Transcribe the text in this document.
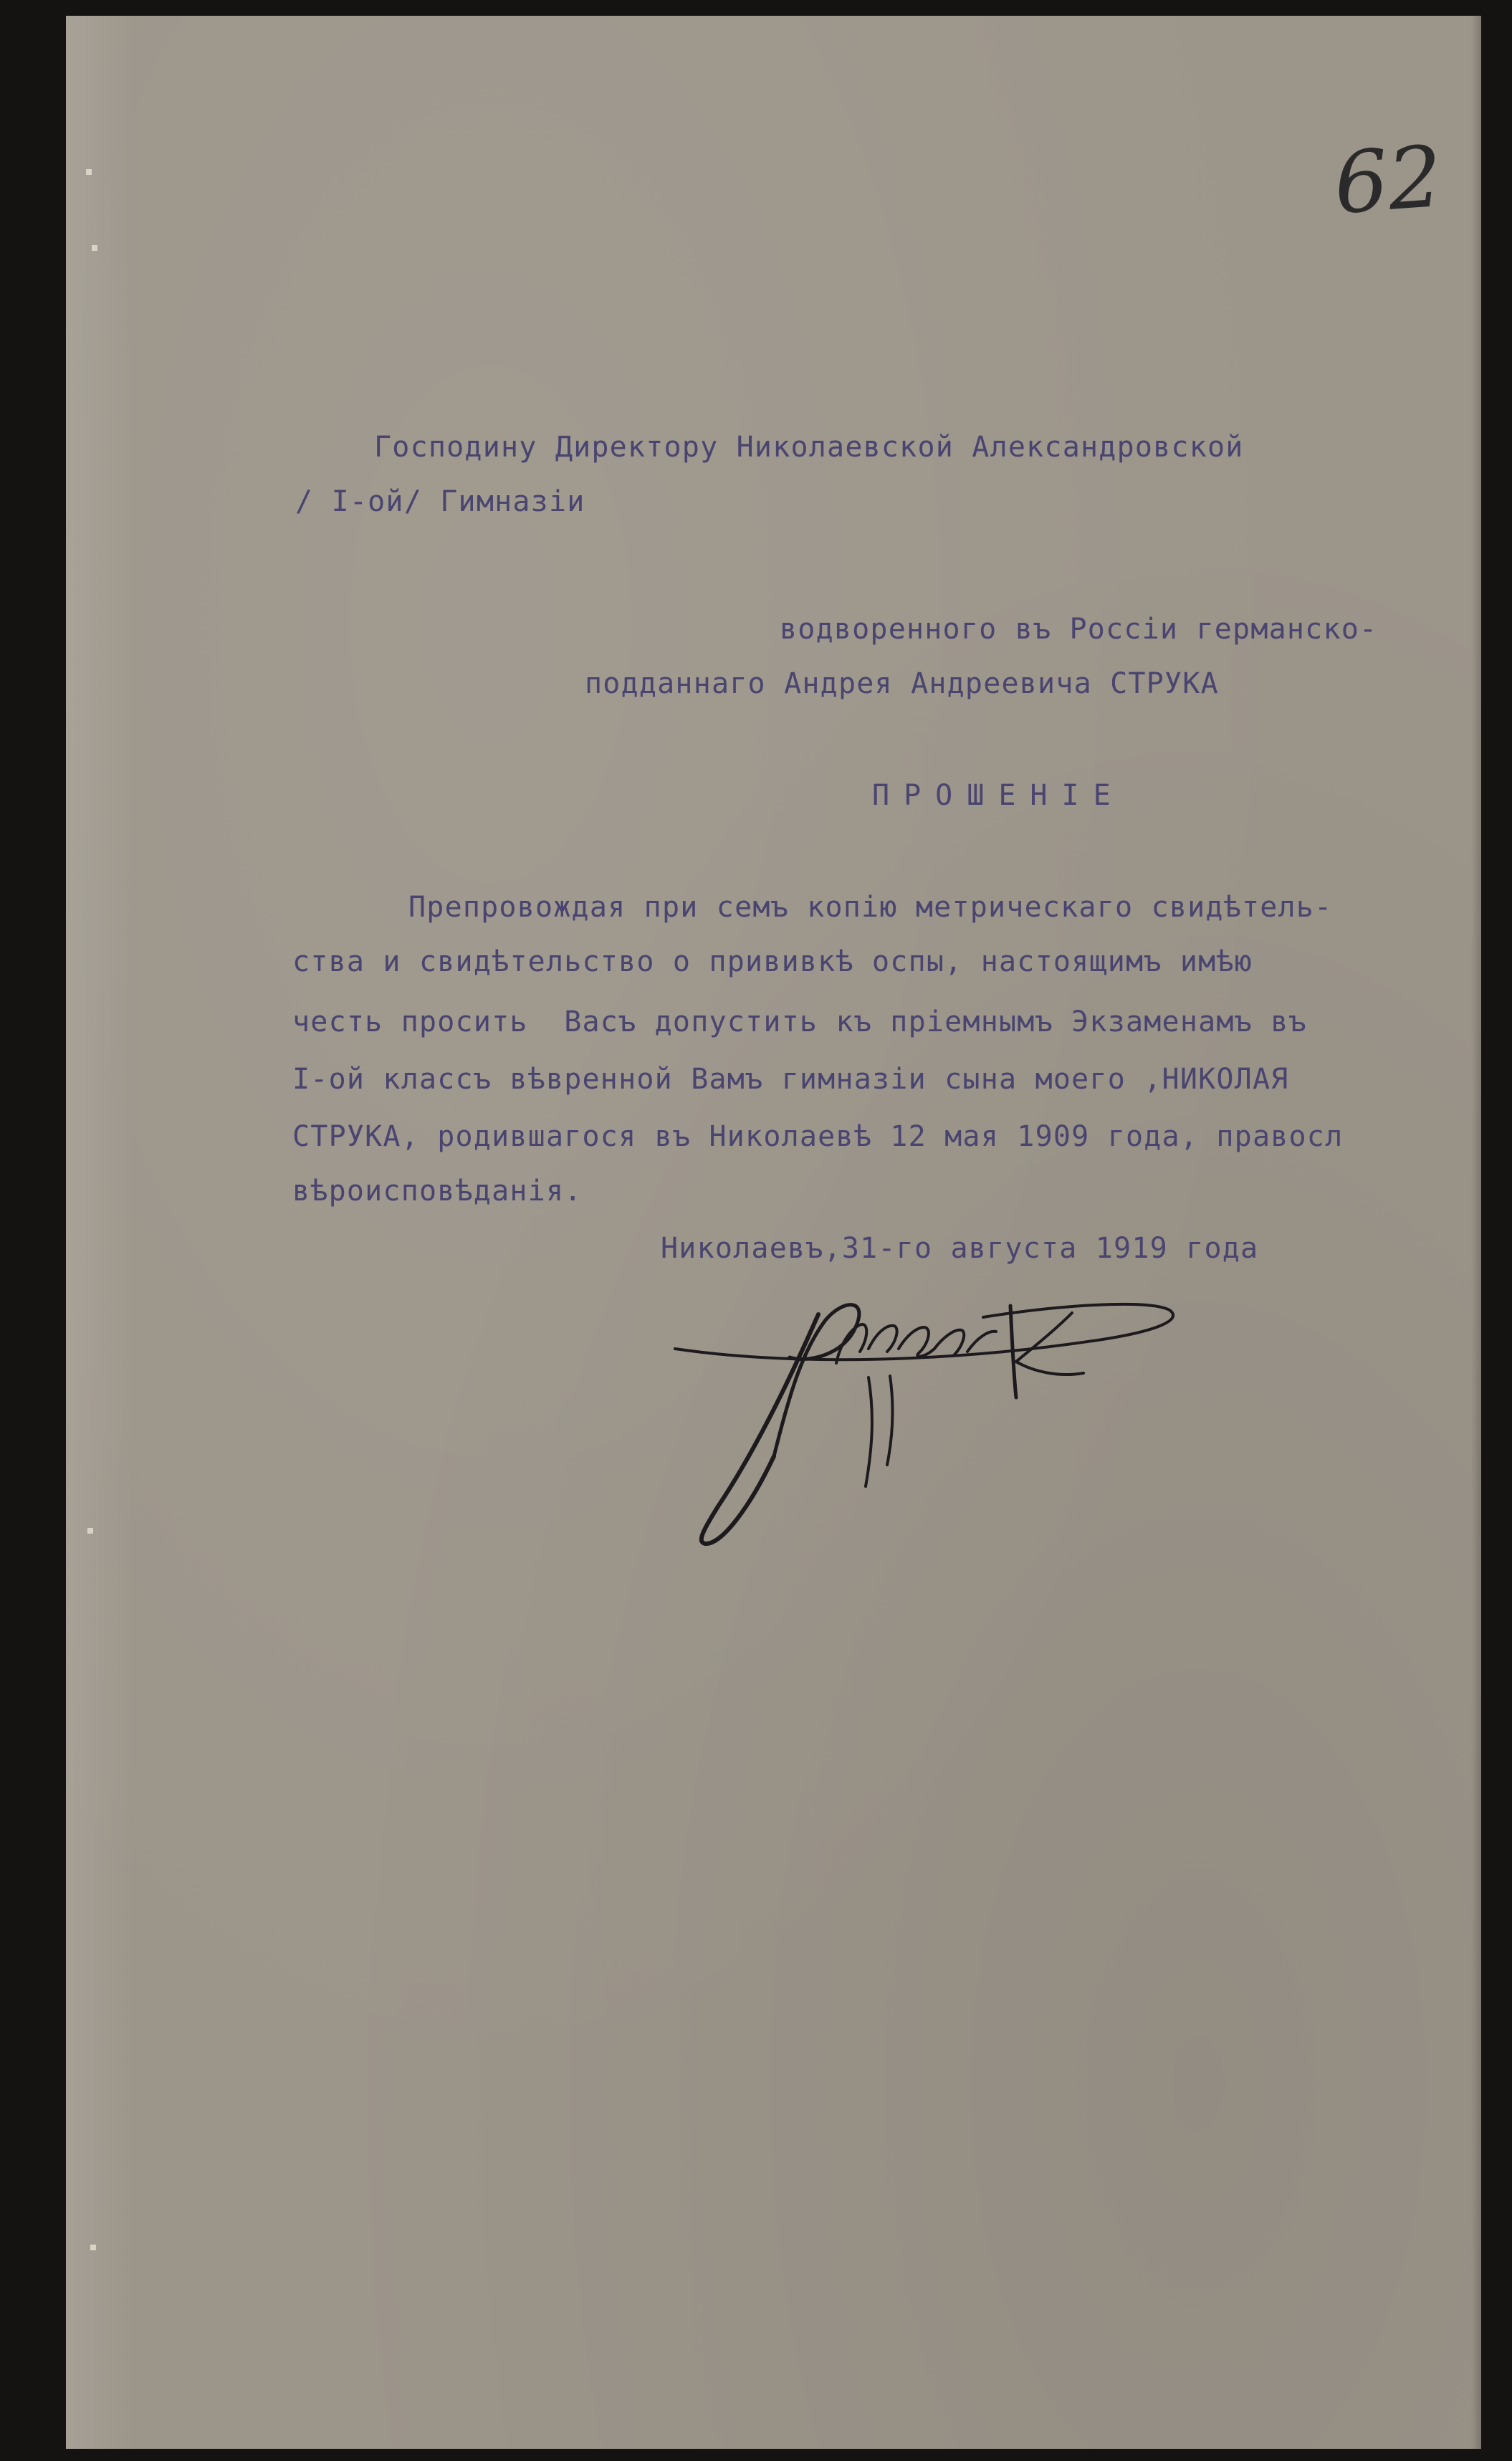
62
Господину Директору Николаевской Александровской
/ I-ой/ Гимназіи
водворенного въ Россіи германско-
подданнаго Андрея Андреевича СТРУКА
ПРОШЕНІЕ
Препровождая при семъ копію метрическаго свидѣтель-
ства и свидѣтельство о прививкѣ оспы, настоящимъ имѣю
честь просить  Васъ допустить къ пріемнымъ Экзаменамъ въ
I-ой классъ вѣвренной Вамъ гимназіи сына моего ,НИКОЛАЯ
СТРУКА, родившагося въ Николаевѣ 12 мая 1909 года, правосл
вѣроисповѣданія.
Николаевъ,31-го августа 1919 года
